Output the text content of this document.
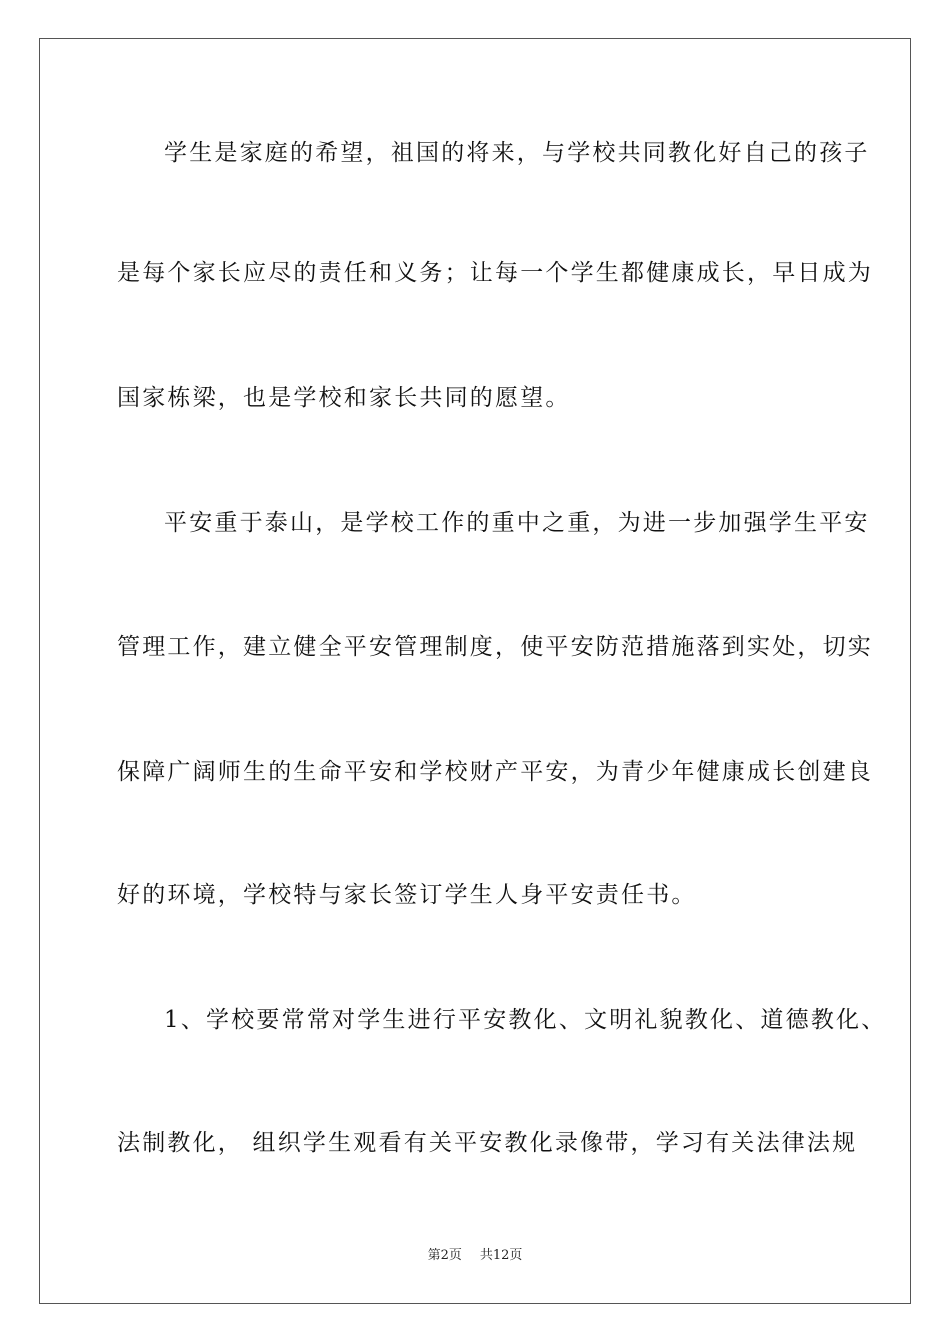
学生是家庭的希望，祖国的将来，与学校共同教化好自己的孩子
是每个家长应尽的责任和义务；让每一个学生都健康成长，早日成为
国家栋梁，也是学校和家长共同的愿望。
平安重于泰山，是学校工作的重中之重，为进一步加强学生平安
管理工作，建立健全平安管理制度，使平安防范措施落到实处，切实
保障广阔师生的生命平安和学校财产平安，为青少年健康成长创建良
好的环境，学校特与家长签订学生人身平安责任书。
1、学校要常常对学生进行平安教化、文明礼貌教化、道德教化、
法制教化， 组织学生观看有关平安教化录像带，学习有关法律法规
第2页 共12页
